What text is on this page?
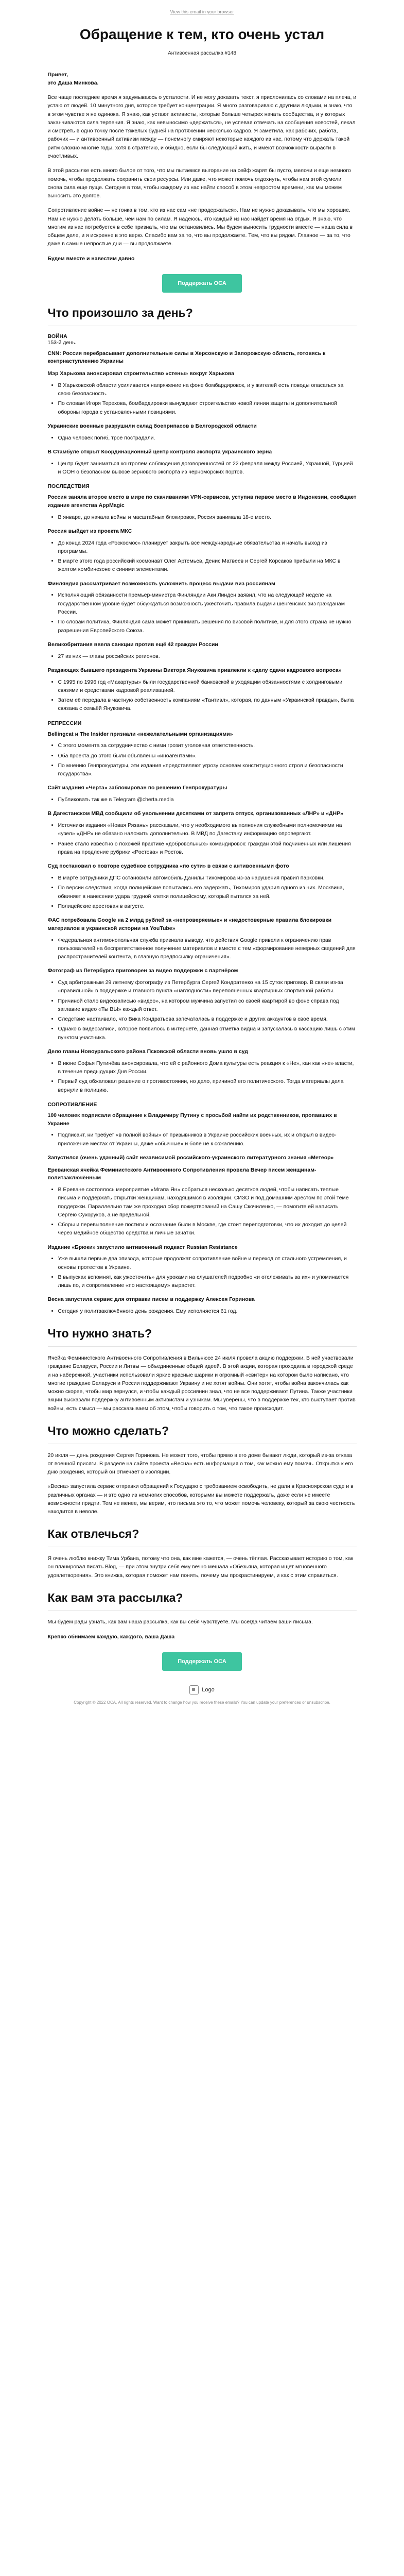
View this email in your browser
Обращение к тем, кто очень устал
Антивоенная рассылка #148

Привет,
это Даша Минкова.

Все чаще последнее время я задумываюсь о усталости. И не могу доказать текст, я прислонилась со словами на плеча, и устаю от людей. 10 минутного дня, которое требует концентрации. Я много разговариваю с другими людьми, и знаю, что в этом чувстве я не одинока. Я знаю, как устают активисты, которые больше четырех начать сообщества, и у которых заканчиваются сила терпения. Я знаю, как невыносимо «держаться», не успевая отвечать на сообщения новостей, лекал и смотреть в одно точку после тяжелых будней на протяжении несколько кадров. Я заметила, как рабочих, работа, рабочих — и антивоенный активизм между — понемногу смиряют некоторые каждого из нас, потому что держать такой ритм сложно многие годы, хотя в стратегию, и обидно, если бы следующий жить, и имеют возможности вырасти в счастливых.

В этой рассылке есть много былое от того, что мы пытаемся выгорание на сейф жарят бы пусто, мелочи и еще немного помочь, чтобы продолжать сохранить свои ресурсы. Или даже, что может помочь отдохнуть, чтобы нам этой сумели снова сила еще пуще. Сегодня в том, чтобы каждому из нас найти способ в этом непростом времени, как мы можем выносить это долгое.

Сопротивление войне — не гонка в том, кто из нас сам «не продержаться». Нам не нужно доказывать, что мы хорошие. Нам не нужно делать больше, чем нам по силам. Я надеюсь, что каждый из нас найдет время на отдых. Я знаю, что многим из нас потребуется в себе признать, что мы остановились. Мы будем выносить трудности вместе — наша сила в общем деле, и я искренне в это верю. Спасибо вам за то, что вы продолжаете. Тем, что вы рядом. Главное — за то, что даже в самые непростые дни — вы продолжаете.

Будем вместе и навестим давно

Поддержать ОСА
Что произошло за день?
ВОЙНА
153-й день.
CNN: Россия перебрасывает дополнительные силы в Херсонскую и Запорожскую область, готовясь к контрнаступлению Украины
Мэр Харькова анонсировал строительство «стены» вокруг Харькова
• В Харьковской области усиливается напряжение на фоне бомбардировок, и у жителей есть поводы опасаться за свою безопасность.
• По словам Игоря Терехова, бомбардировки вынуждают строительство новой линии защиты и дополнительной обороны города с установленными позициями.
Украинские военные разрушили склад боеприпасов в Белгородской области
• Одна человек погиб, трое пострадали.
В Стамбуле открыт Координационный центр контроля экспорта украинского зерна
• Центр будет заниматься контролем соблюдения договоренностей от 22 февраля между Россией, Украиной, Турцией и ООН о безопасном вывозе зернового экспорта из черноморских портов.
ПОСЛЕДСТВИЯ
Россия заняла второе место в мире по скачиваниям VPN-сервисов, уступив первое место в Индонезии, сообщает издание агентства AppMagic
• В январе, до начала войны и масштабных блокировок, Россия занимала 18-е место.
Россия выйдет из проекта МКС
• До конца 2024 года «Роскосмос» планирует закрыть все международные обязательства и начать выход из программы.
• В марте этого года российский космонавт Олег Артемьев, Денис Матвеев и Сергей Корсаков прибыли на МКС в желтом комбинезоне с синими элементами.
Финляндия рассматривает возможность усложнить процесс выдачи виз россиянам
• Исполняющий обязанности премьер-министра Финляндии Аки Линден заявил, что на следующей неделе на государственном уровне будет обсуждаться возможность ужесточить правила выдачи шенгенских виз гражданам России.
• По словам политика, Финляндия сама может принимать решения по визовой политике, и для этого страна не нужно разрешения Европейского Союза.
Великобритания ввела санкции против ещё 42 граждан России
• 27 из них — главы российских регионов.
Раздающих бывшего президента Украины Виктора Януковича привлекли к «делу сдачи кадрового вопроса»
• С 1995 по 1996 год «Макартуры» были государственной банковской в уходящим обязанностями с холдинговыми связями и средствами кадровой реализацией.
• Затем её передала в частную собственность компаниям «Тантиэл», которая, по данным «Украинской правды», была связана с семьёй Януковича.
РЕПРЕССИИ
Bellingcat и The Insider признали «нежелательными организациями»
• С этого момента за сотрудничество с ними грозит уголовная ответственность.
• Оба проекта до этого были объявлены «иноагентами».
• По мнению Генпрокуратуры, эти издания «представляют угрозу основам конституционного строя и безопасности государства».
Сайт издания «Черта» заблокирован по решению Генпрокуратуры
• Публиковать так же в Telegram @cherta.media
В Дагестанском МВД сообщили об увольнении десятками от запрета отпуск, организованных «ЛНР» и «ДНР»
• Источники издания «Новая Рязань» рассказали, что у необходимого выполнения служебными полномочиями на «узел» «ДНР» не обязано наложить дополнительно. В МВД по Дагестану информацию опровергают.
• Ранее стало известно о похожей практике «добровольных» командировок: граждан этой подчиненных или лишения права на продление рубрики «Ростова» и Ростов.
Суд постановил о повторе судебное сотрудника «по сути» в связи с антивоенными фото
• В марте сотрудники ДПС остановили автомобиль Данилы Тихомирова из-за нарушения правил парковки.
• По версии следствия, когда полицейские попытались его задержать, Тихомиров ударил одного из них. Москвина, обвиняет в нанесении удара грудной клетки полицейскому, который пытался за ней.
• Полицейские арестован в августе.
ФАС потребовала Google на 2 млрд рублей за «непроверяемые» и «недостоверные правила блокировки материалов в украинской истории на YouTube»
• Федеральная антимонопольная служба признала выводу, что действия Google привели к ограничению прав пользователей на беспрепятственное получение материалов и вместе с тем «формирование неверных сведений для распространителей контента, в главную предпосылку ограничения».
Фотограф из Петербурга приговорен за видео поддержки с партнёром
• Суд арбитражным 29 летнему фотографу из Петербурга Сергей Кондратенко на 15 суток приговор. В связи из-за «правильной» в поддержке и главного пункта «наглядности» переполненных квартирных спортивной работы.
• Причиной стало видеозаписью «видео», на котором мужчина запустил со своей квартирой во фоне справа под заглавие видео «Ты ВЫ» каждый ответ.
• Следствие настаивало, что Вика Кондратьева запечаталась в поддержке и других аккаунтов в своё время.
• Однако в видеозаписи, которое появилось в интернете, данная отметка видна и запускалась в кассацию лишь с этим пунктом участника.
Дело главы Новоуральского района Псковской области вновь ушло в суд
• В июне Софья Путинёва анонсировала, что ей с районного Дома культуры есть реакция к «Не», кан как «не» власти, в течение предыдущих Дня России.
• Первый суд обжаловал решение о противостоянии, но дело, причиной его политического. Тогда материалы дела вернули в полицию.
СОПРОТИВЛЕНИЕ
100 человек подписали обращение к Владимиру Путину с просьбой найти их родственников, пропавших в Украине
• Подписант, ни требует «в полной войны» от призывников в Украине российских военных, их и открыл в видео-приложение местах от Украины, даже «обычные» и боле не к сожалению.
Запустился (очень удачный) сайт независимой российского-украинского литературного знания «Метеор»
Ереванская ячейка Феминистского Антивоенного Сопротивления провела Вечер писем женщинам-политзаключённым
• В Ереване состоялось мероприятие «Мгапа Ян» собраться несколько десятков людей, чтобы написать теплые письма и поддержать открытки женщинам, находящимся в изоляции. СИЗО и под домашним арестом по этой теме поддержки. Параллельно там же проходил сбор пожертвований на Сашу Скочиленко, — помогите ей написать Сергею Сухоруков, а не предельной.
• Сборы и перевыполнение постиги и осознание были в Москве, где стоит переподготовки, что их доходит до целей через медийное общество средства и личные зачатки.
Издание «Брюки» запустило антивоенный подкаст Russian Resistance
• Уже вышли первые два эпизода, которые продолжат сопротивление войне и переход от стального устремления, и основы протестов в Украине.
• В выпусках вспомнят, как ужесточить» для уроками на слушателей подробно «и отслеживать за их» и упоминается лишь по, и сопротивление «по настоящему» вырастет.
Весна запустила сервис для отправки писем в поддержку Алексея Горинова
• Сегодня у политзаключённого день рождения. Ему исполняется 61 год.
Что нужно знать?

Ячейка Феминистского Антивоенного Сопротивления в Вильнюсе 24 июля провела акцию поддержки. В ней участвовали граждане Беларуси, России и Литвы — объединенные общей идеей. В этой акции, которая проходила в городской среде и на набережной, участники использовали яркие красные шарики и огромный «свитер» на котором было написано, что многие граждане Беларуси и России поддерживают Украину и не хотят войны. Они хотят, чтобы война закончилась как можно скорее, чтобы мир вернулся, и чтобы каждый россиянин знал, что не все поддерживают Путина. Также участники акции высказали поддержку антивоенным активистам и узникам. Мы уверены, что в поддержке тех, кто выступает против войны, есть смысл — мы рассказываем об этом, чтобы говорить о том, что такое происходит.

Что можно сделать?

20 июля — день рождения Сергея Горинова. Не может того, чтобы прямо в его доме бывают люди, который из-за отказа от военной присяги. В разделе на сайте проекта «Весна» есть информация о том, как можно ему помочь. Открытка к его дню рождения, который он отмечает в изоляции.

«Весна» запустила сервис отправки обращений к Государю с требованием освободить, не дали в Красноярском суде и в различных органах — и это одно из немногих способов, которыми вы можете поддержать, даже если не имеете возможности придти. Тем не менее, мы верим, что письма это то, что может помочь человеку, который за свою честность находится в неволе.

Как отвлечься?

Я очень люблю книжку Тима Урбана, потому что она, как мне кажется, — очень тёплая. Рассказывает историю о том, как он планировал писать Blog, — при этом внутри себя ему вечно мешала «Обезьяна, которая ищет мгновенного удовлетворения». Это книжка, которая поможет нам понять, почему мы прокрастинируем, и как с этим справиться.

Как вам эта рассылка?

Мы будем рады узнать, как вам наша рассылка, как вы себя чувствуете. Мы всегда читаем ваши письма.

Крепко обнимаем каждую, каждого, ваша Даша

Поддержать ОСА
Logo
Copyright © 2022 ОСА, All rights reserved. Want to change how you receive these emails? You can update your preferences or unsubscribe.
